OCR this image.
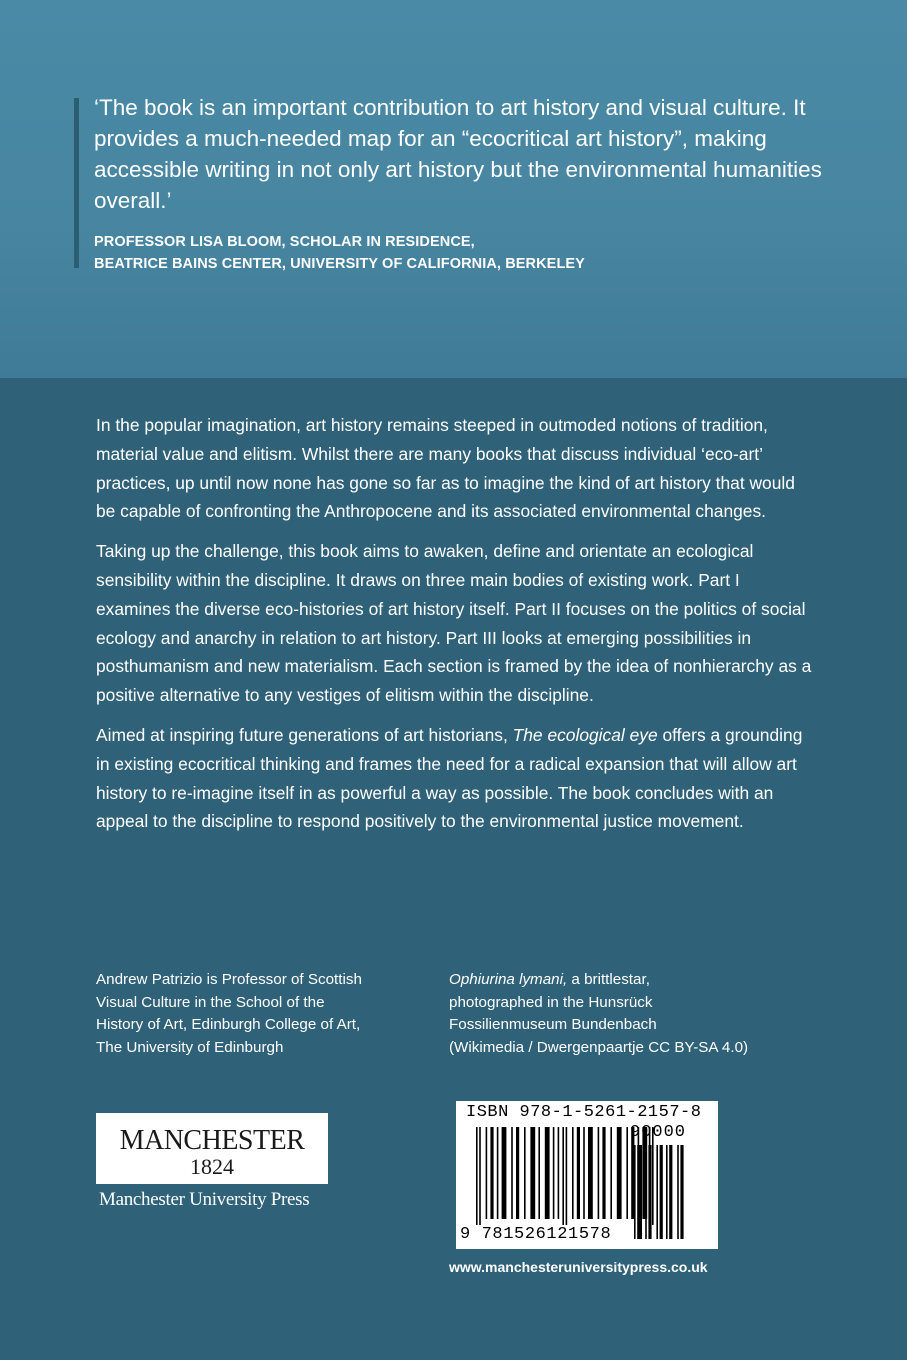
‘The book is an important contribution to art history and visual culture. It provides a much-needed map for an “ecocritical art history”, making accessible writing in not only art history but the environmental humanities overall.’
PROFESSOR LISA BLOOM, SCHOLAR IN RESIDENCE,
BEATRICE BAINS CENTER, UNIVERSITY OF CALIFORNIA, BERKELEY

In the popular imagination, art history remains steeped in outmoded notions of tradition, material value and elitism. Whilst there are many books that discuss individual ‘eco-art’ practices, up until now none has gone so far as to imagine the kind of art history that would be capable of confronting the Anthropocene and its associated environmental changes.

Taking up the challenge, this book aims to awaken, define and orientate an ecological sensibility within the discipline. It draws on three main bodies of existing work. Part I examines the diverse eco-histories of art history itself. Part II focuses on the politics of social ecology and anarchy in relation to art history. Part III looks at emerging possibilities in posthumanism and new materialism. Each section is framed by the idea of nonhierarchy as a positive alternative to any vestiges of elitism within the discipline.

Aimed at inspiring future generations of art historians, The ecological eye offers a grounding in existing ecocritical thinking and frames the need for a radical expansion that will allow art history to re-imagine itself in as powerful a way as possible. The book concludes with an appeal to the discipline to respond positively to the environmental justice movement.

Andrew Patrizio is Professor of Scottish
Visual Culture in the School of the
History of Art, Edinburgh College of Art,
The University of Edinburgh
Ophiurina lymani, a brittlestar,
photographed in the Hunsrück
Fossilienmuseum Bundenbach
(Wikimedia / Dwergenpaartje CC BY-SA 4.0)
MANCHESTER
1824
Manchester University Press
ISBN 978-1-5261-2157-8
90000
9 781526121578
www.manchesteruniversitypress.co.uk
